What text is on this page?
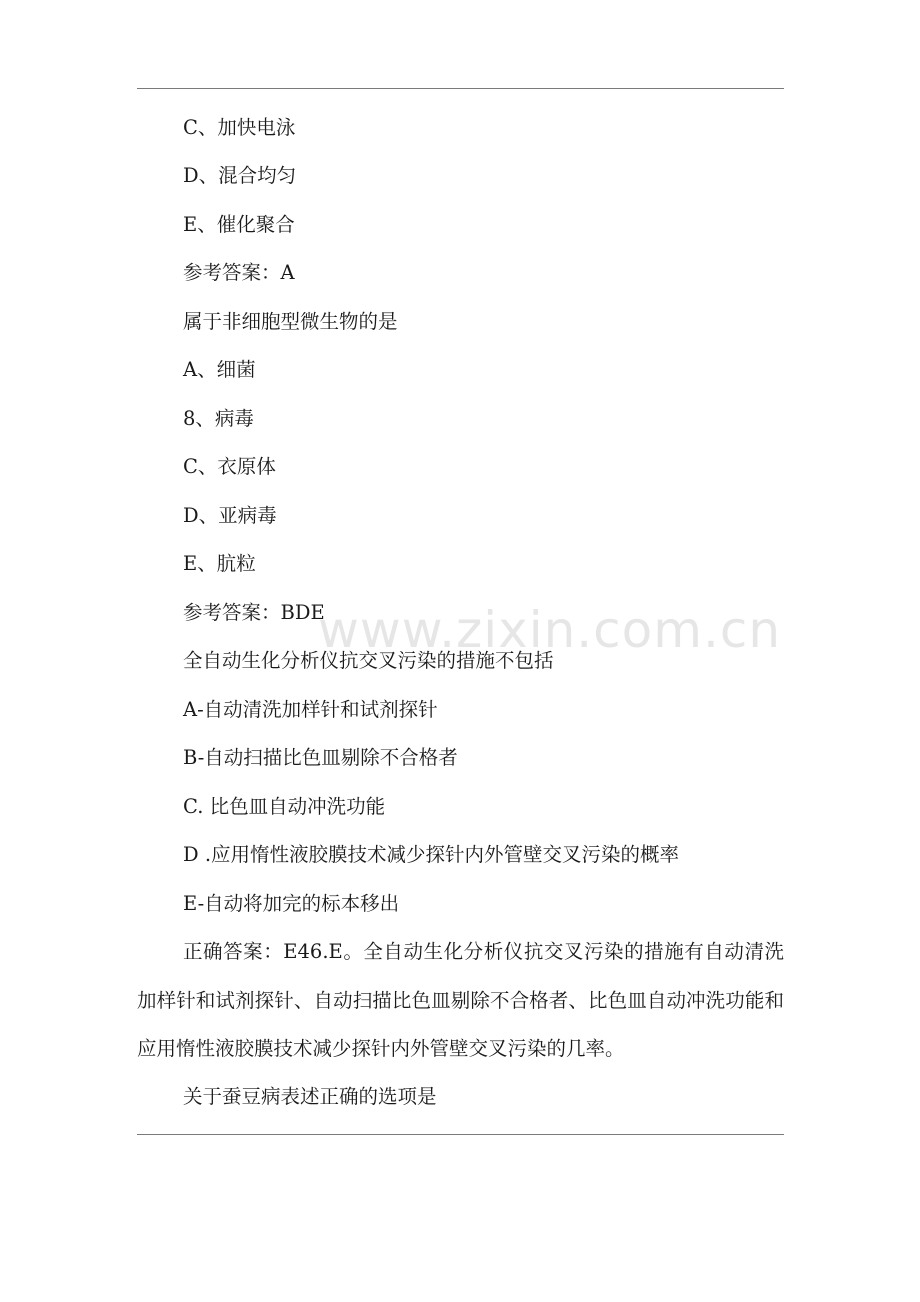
C、加快电泳
D、混合均匀
E、催化聚合
参考答案：A
属于非细胞型微生物的是
A、细菌
8、病毒
C、衣原体
D、亚病毒
E、肮粒
参考答案：BDE
全自动生化分析仪抗交叉污染的措施不包括
A-自动清洗加样针和试剂探针
B-自动扫描比色皿剔除不合格者
C. 比色皿自动冲洗功能
D .应用惰性液胶膜技术减少探针内外管壁交叉污染的概率
E-自动将加完的标本移出
正确答案：E46.E。全自动生化分析仪抗交叉污染的措施有自动清洗加样针和试剂探针、自动扫描比色皿剔除不合格者、比色皿自动冲洗功能和应用惰性液胶膜技术减少探针内外管壁交叉污染的几率。
关于蚕豆病表述正确的选项是
www.zixin.com.cn
